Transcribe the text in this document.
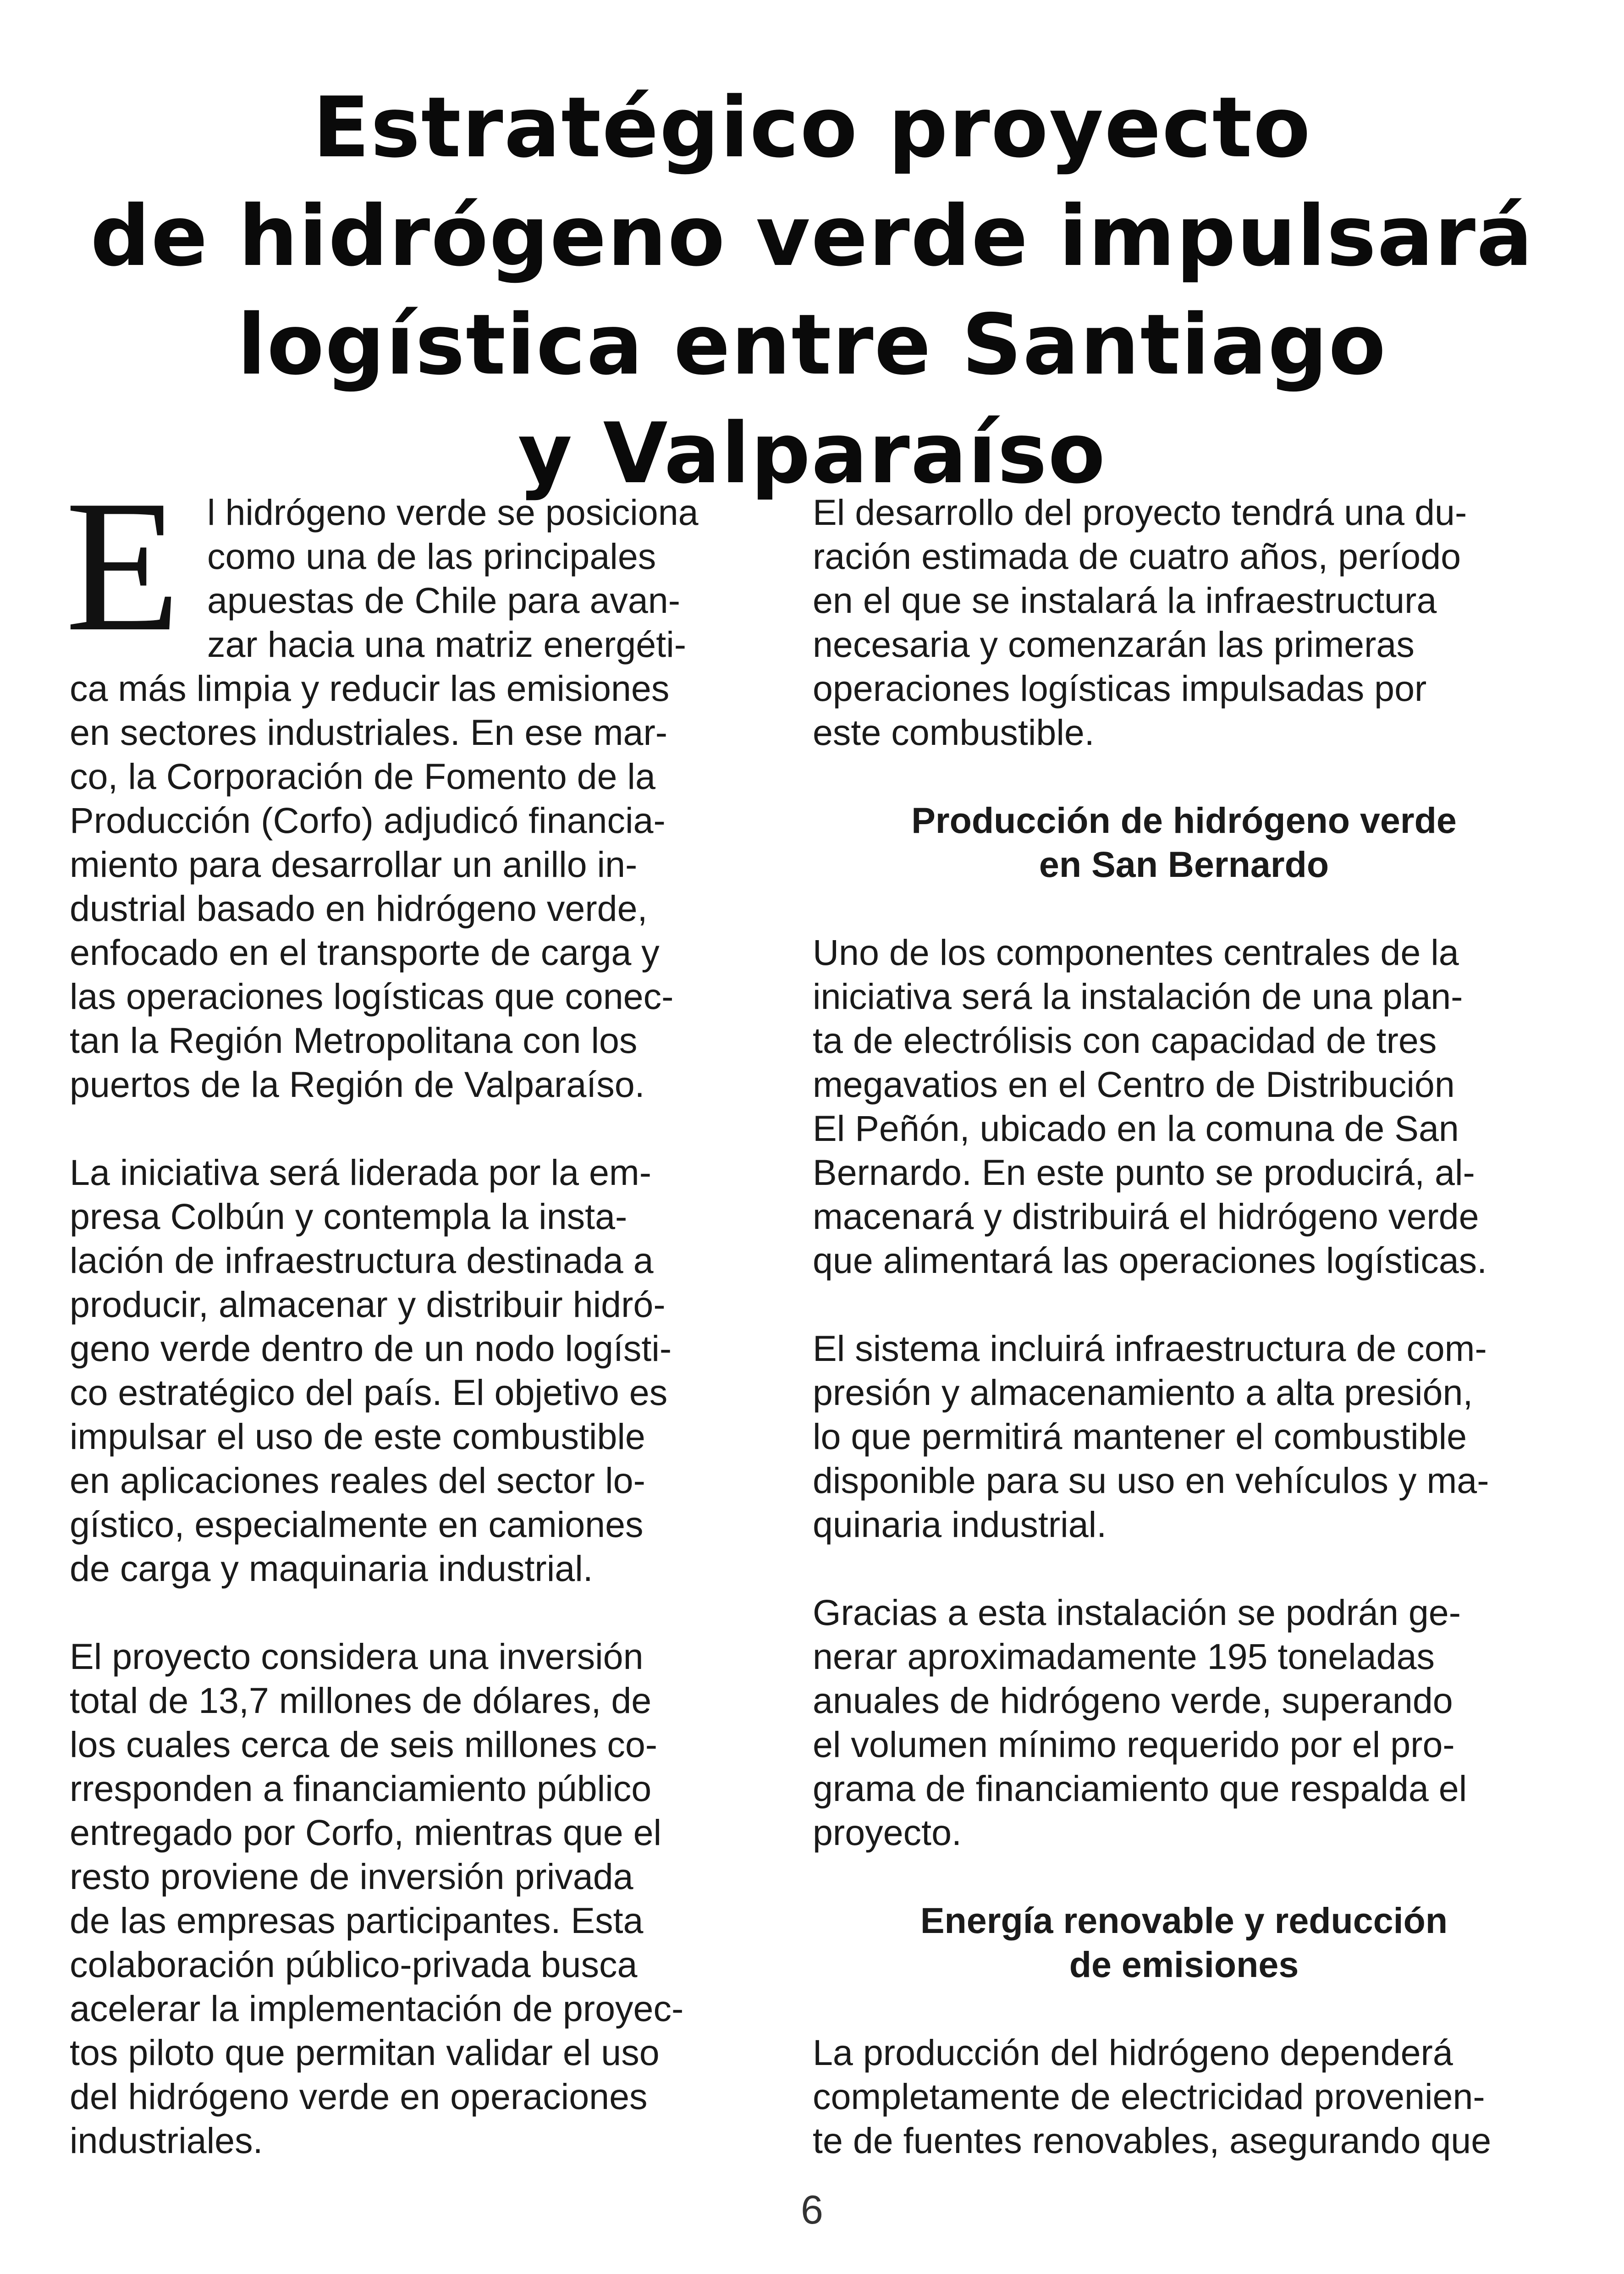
Estratégico proyecto
de hidrógeno verde impulsará
logística entre Santiago
y Valparaíso
E l hidrógeno verde se posiciona
como una de las principales
apuestas de Chile para avan-
zar hacia una matriz energéti-
ca más limpia y reducir las emisiones
en sectores industriales. En ese mar-
co, la Corporación de Fomento de la
Producción (Corfo) adjudicó financia-
miento para desarrollar un anillo in-
dustrial basado en hidrógeno verde,
enfocado en el transporte de carga y
las operaciones logísticas que conec-
tan la Región Metropolitana con los
puertos de la Región de Valparaíso.
La iniciativa será liderada por la em-
presa Colbún y contempla la insta-
lación de infraestructura destinada a
producir, almacenar y distribuir hidró-
geno verde dentro de un nodo logísti-
co estratégico del país. El objetivo es
impulsar el uso de este combustible
en aplicaciones reales del sector lo-
gístico, especialmente en camiones
de carga y maquinaria industrial.
El proyecto considera una inversión
total de 13,7 millones de dólares, de
los cuales cerca de seis millones co-
rresponden a financiamiento público
entregado por Corfo, mientras que el
resto proviene de inversión privada
de las empresas participantes. Esta
colaboración público-privada busca
acelerar la implementación de proyec-
tos piloto que permitan validar el uso
del hidrógeno verde en operaciones
industriales.
El desarrollo del proyecto tendrá una du-
ración estimada de cuatro años, período
en el que se instalará la infraestructura
necesaria y comenzarán las primeras
operaciones logísticas impulsadas por
este combustible.
Producción de hidrógeno verde
en San Bernardo
Uno de los componentes centrales de la
iniciativa será la instalación de una plan-
ta de electrólisis con capacidad de tres
megavatios en el Centro de Distribución
El Peñón, ubicado en la comuna de San
Bernardo. En este punto se producirá, al-
macenará y distribuirá el hidrógeno verde
que alimentará las operaciones logísticas.
El sistema incluirá infraestructura de com-
presión y almacenamiento a alta presión,
lo que permitirá mantener el combustible
disponible para su uso en vehículos y ma-
quinaria industrial.
Gracias a esta instalación se podrán ge-
nerar aproximadamente 195 toneladas
anuales de hidrógeno verde, superando
el volumen mínimo requerido por el pro-
grama de financiamiento que respalda el
proyecto.
Energía renovable y reducción
de emisiones
La producción del hidrógeno dependerá
completamente de electricidad provenien-
te de fuentes renovables, asegurando que
6
